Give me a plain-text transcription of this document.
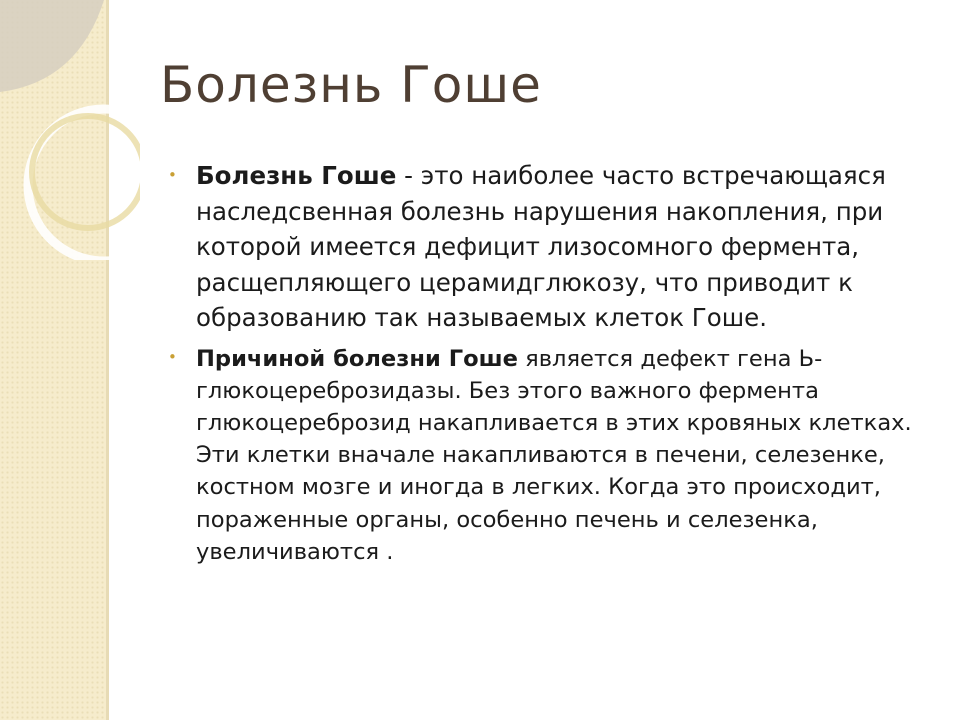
Болезнь Гоше
• Болезнь Гоше - это наиболее часто встречающаяся наследсвенная болезнь нарушения накопления, при которой имеется дефицит лизосомного фермента, расщепляющего церамидглюкозу, что приводит к образованию так называемых клеток Гоше.
• Причиной болезни Гоше является дефект гена Ь-глюкоцереброзидазы. Без этого важного фермента глюкоцереброзид накапливается в этих кровяных клетках. Эти клетки вначале накапливаются в печени, селезенке, костном мозге и иногда в легких. Когда это происходит, пораженные органы, особенно печень и селезенка, увеличиваются .
